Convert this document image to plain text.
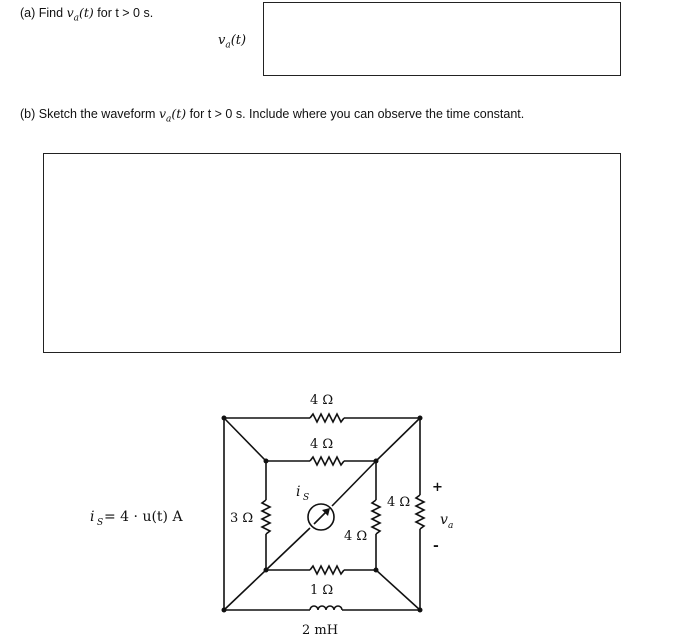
(a) Find $v_a(t)$ for t > 0 s.
$v_a(t)$
(b) Sketch the waveform $v_a(t)$ for t > 0 s. Include where you can observe the time constant.
4 Ω
4 Ω
3 Ω
4 Ω
4 Ω
1 Ω
2 mH
i S
+
v a
-
i S = 4 · u(t) A
